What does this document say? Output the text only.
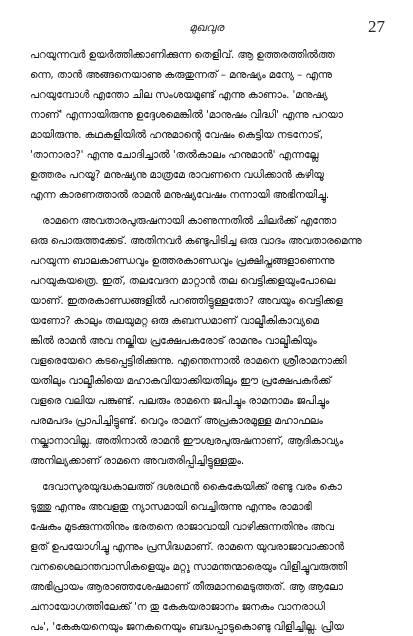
മുഖവുര	27
പറയുന്നവർ ഉയർത്തിക്കാണിക്കുന്ന തെളിവ്. ആ ഉത്തരത്തിൽത്ത
ന്നെ, താൻ അങ്ങനെയാണു കരുതുന്നത് – മനുഷ്യം മന്യേ – എന്നു
പറയുമ്പോൾ എന്തോ ചില സംശയമുണ്ട് എന്നു കാണാം. 'മനുഷ്യ
നാണ്' എന്നായിരുന്നു ഉദ്ദേശമെങ്കിൽ 'മാനുഷം വിദ്ധി' എന്നു പറയാ
മായിരുന്നു. കഥകളിയിൽ ഹനുമാന്റെ വേഷം കെട്ടിയ നടനോട്,
'താനാരാ?' എന്നു ചോദിച്ചാൽ 'തൽകാലം ഹനുമാൻ' എന്നല്ലേ
ഉത്തരം പറയൂ? മനുഷ്യനു മാത്രമേ രാവണനെ വധിക്കാൻ കഴിയൂ
എന്ന കാരണത്താൽ രാമൻ മനുഷ്യവേഷം നന്നായി അഭിനയിച്ചു.
രാമനെ അവതാരപുരുഷനായി കാണുന്നതിൽ ചിലർക്ക് എന്തോ
ഒരു പൊരുത്തക്കേട്. അതിനവർ കണ്ടുപിടിച്ച ഒരു വാദം അവതാരമെന്നു
പറയുന്ന ബാലകാണ്ഡവും ഉത്തരകാണ്ഡവും പ്രക്ഷിപ്തങ്ങളാണെന്നു
പറയുകയത്രെ. ഇത്, തലവേദന മാറ്റാൻ തല വെട്ടിക്കളയുംപോലെ
യാണ്. ഇതരകാണ്ഡങ്ങളിൽ പറഞ്ഞിട്ടുള്ളതോ? അവയും വെട്ടിക്കള
യണോ? കാലും തലയുമറ്റ ഒരു കബന്ധമാണ് വാല്മീകികാവ്യമെ
ങ്കിൽ രാമൻ അവ നല്കിയ പ്രക്ഷേപകരോട് രാമനും വാല്മീകിയും
വളരെയേറെ കടപ്പെട്ടിരിക്കുന്നു. എന്തെന്നാൽ രാമനെ ശ്രീരാമനാക്കി
യതിലും വാല്മീകിയെ മഹാകവിയാക്കിയതിലും ഈ പ്രക്ഷേപകർക്ക്
വളരെ വലിയ പങ്കുണ്ട്. പലരും രാമനെ ജപിച്ചും രാമനാമം ജപിച്ചും
പരമപദം പ്രാപിച്ചിട്ടുണ്ട്. വെറും രാമന് അപ്രകാരമുള്ള മഹാഫലം
നല്കാനാവില്ല. അതിനാൽ രാമൻ ഈശ്വരപുരുഷനാണ്, ആദികാവ്യം
അനില്യക്കാണ് രാമനെ അവതരിപ്പിച്ചിട്ടുള്ളതും.
ദേവാസുരയുദ്ധകാലത്ത് ദശരഥൻ കൈകേയിക്ക് രണ്ടു വരം കൊ
ടുത്തു എന്നും അവളതു ന്യാസമായി വെച്ചിരുന്നു എന്നും രാമാഭി
ഷേകം മുടക്കുന്നതിനും ഭരതനെ രാജാവായി വാഴിക്കുന്നതിനും അവ
ളത് ഉപയോഗിച്ചു എന്നും പ്രസിദ്ധമാണ്. രാമനെ യുവരാജാവാക്കാൻ
വനശൈലാന്തവാസികളെയും മറ്റു സാമന്തന്മാരെയും വിളിച്ചുവരുത്തി
അഭിപ്രായം ആരാഞ്ഞശേഷമാണ് തീരുമാനമെടുത്തത്. ആ ആലോ
ചനായോഗത്തിലേക്ക് 'ന തു കേകയരാജാനം ജനകം വാനരാധി
പം', 'കേകയനെയും ജനകനെയും ബദ്ധപ്പാടുകൊണ്ടു വിളിച്ചില്ല. പ്രിയ
